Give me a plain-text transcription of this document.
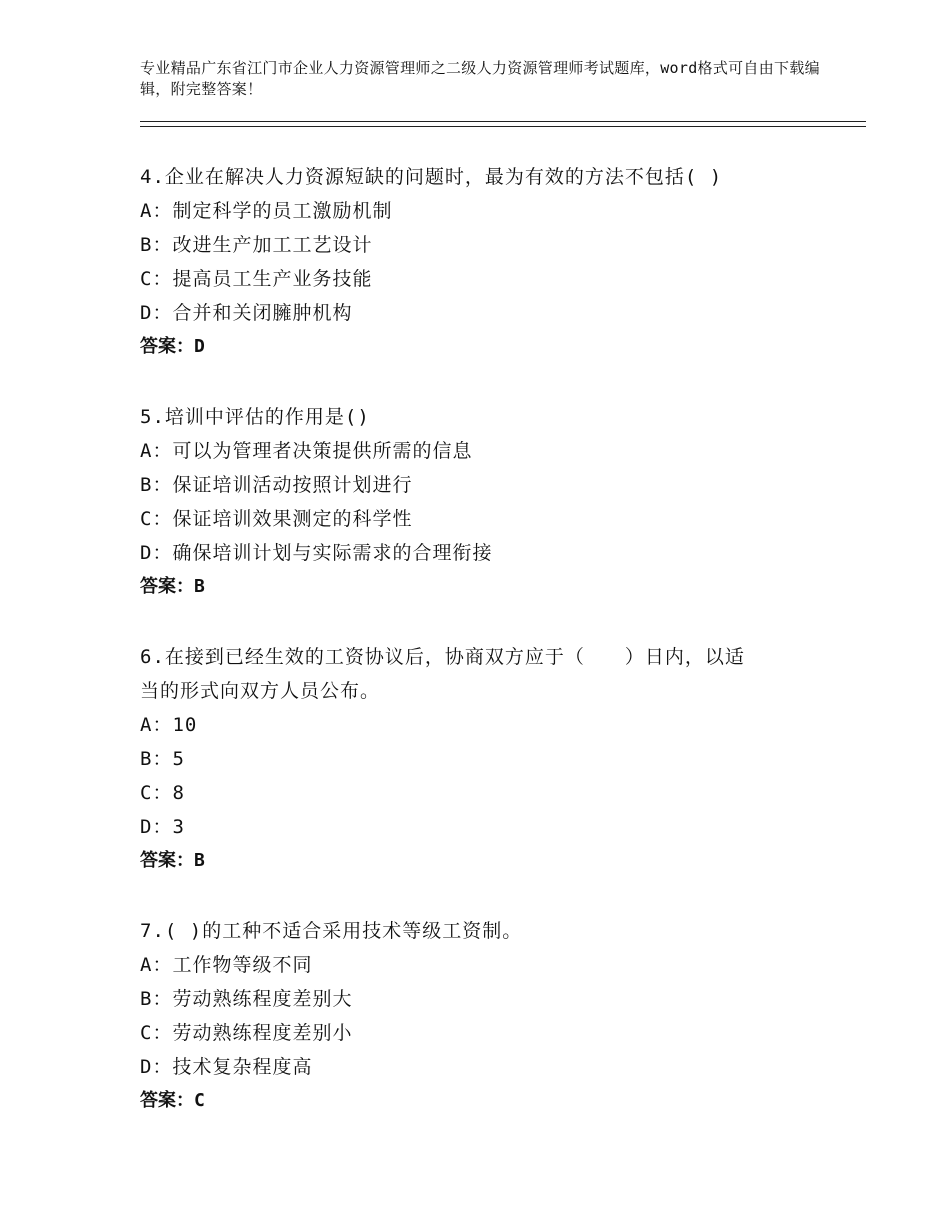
专业精品广东省江门市企业人力资源管理师之二级人力资源管理师考试题库，word格式可自由下载编辑，附完整答案！

4.企业在解决人力资源短缺的问题时，最为有效的方法不包括( )

A：制定科学的员工激励机制

B：改进生产加工工艺设计

C：提高员工生产业务技能

D：合并和关闭臃肿机构

答案：D

5.培训中评估的作用是()

A：可以为管理者决策提供所需的信息

B：保证培训活动按照计划进行

C：保证培训效果测定的科学性

D：确保培训计划与实际需求的合理衔接

答案：B

6.在接到已经生效的工资协议后，协商双方应于（　　）日内，以适

当的形式向双方人员公布。

A：10

B：5

C：8

D：3

答案：B

7.( )的工种不适合采用技术等级工资制。

A：工作物等级不同

B：劳动熟练程度差别大

C：劳动熟练程度差别小

D：技术复杂程度高

答案：C
